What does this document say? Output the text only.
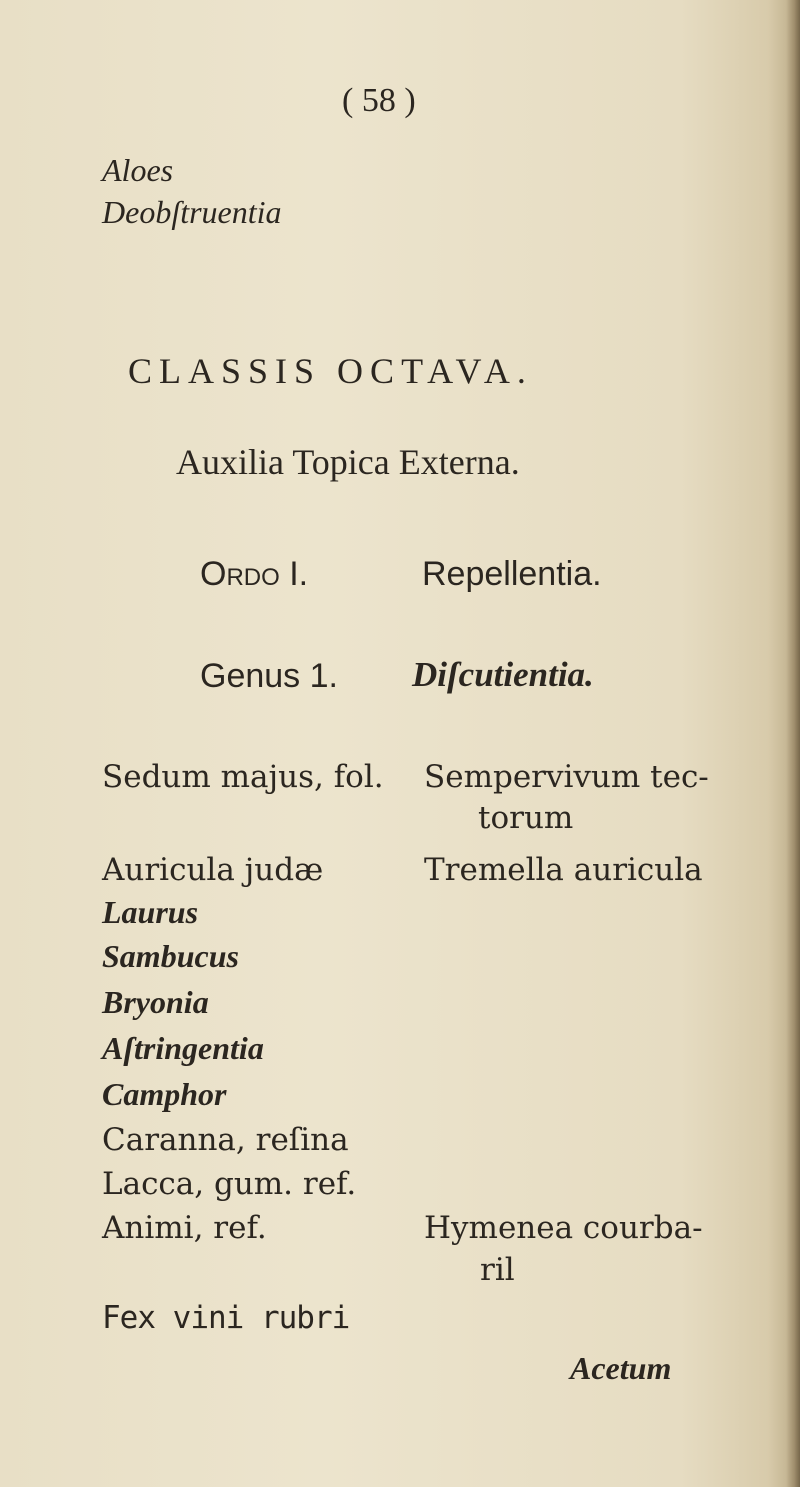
( 58 )
Aloes
Deobſtruentia
CLASSIS OCTAVA.
Auxilia Topica Externa.
Ordo I.	Repellentia.
Genus 1. Diſcutientia.
Sedum majus, fol.
Auricula judæ
Laurus
Sambucus
Bryonia
Aſtringentia
Camphor
Caranna, reſina
Lacca, gum. ref.
Animi, ref.
Fex vini rubri
Sempervivum tec-
torum
Tremella auricula
Hymenea courba-
ril
Acetum
